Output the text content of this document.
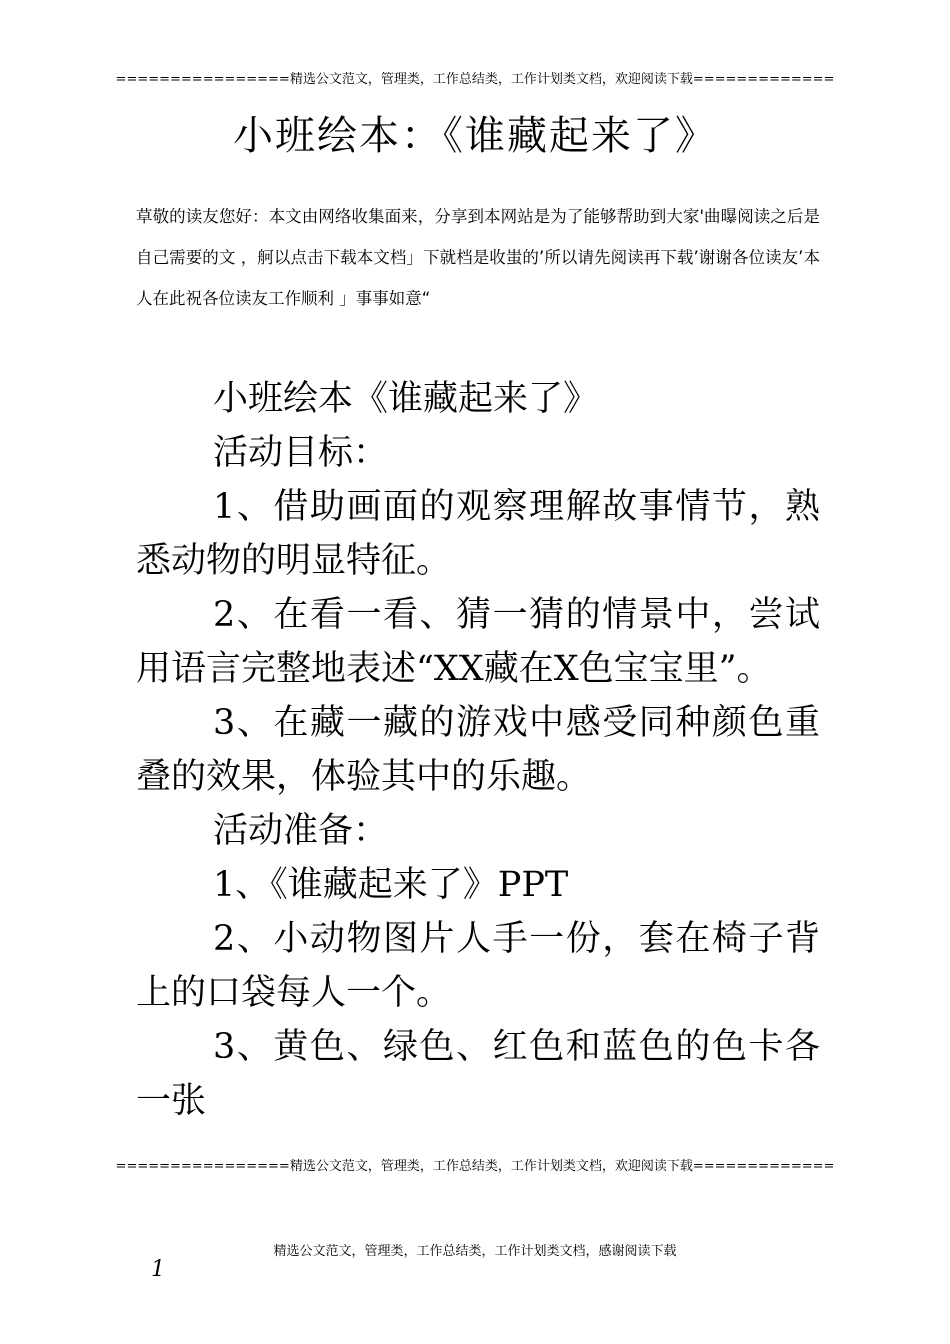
================精选公文范文，管理类，工作总结类，工作计划类文档，欢迎阅读下载=============
小班绘本：《谁藏起来了》
草敬的读友您好：本文由网络收集面来，分享到本网站是为了能够帮助到大家'曲曝阅读之后是自己需要的文 ，舸以点击下载本文档」下就档是收蚩的’所以请先阅读再下载’谢谢各位读友’本人在此祝各位读友工作顺利 」事事如意“

小班绘本《谁藏起来了》

活动目标：

1、借助画面的观察理解故事情节，熟悉动物的明显特征。

2、在看一看、猜一猜的情景中，尝试用语言完整地表述“XX藏在X色宝宝里”。

3、在藏一藏的游戏中感受同种颜色重叠的效果，体验其中的乐趣。

活动准备：

1、《谁藏起来了》PPT

2、小动物图片人手一份，套在椅子背上的口袋每人一个。

3、黄色、绿色、红色和蓝色的色卡各一张

================精选公文范文，管理类，工作总结类，工作计划类文档，欢迎阅读下载=============
精选公文范文，管理类，工作总结类，工作计划类文档，感谢阅读下载
1
